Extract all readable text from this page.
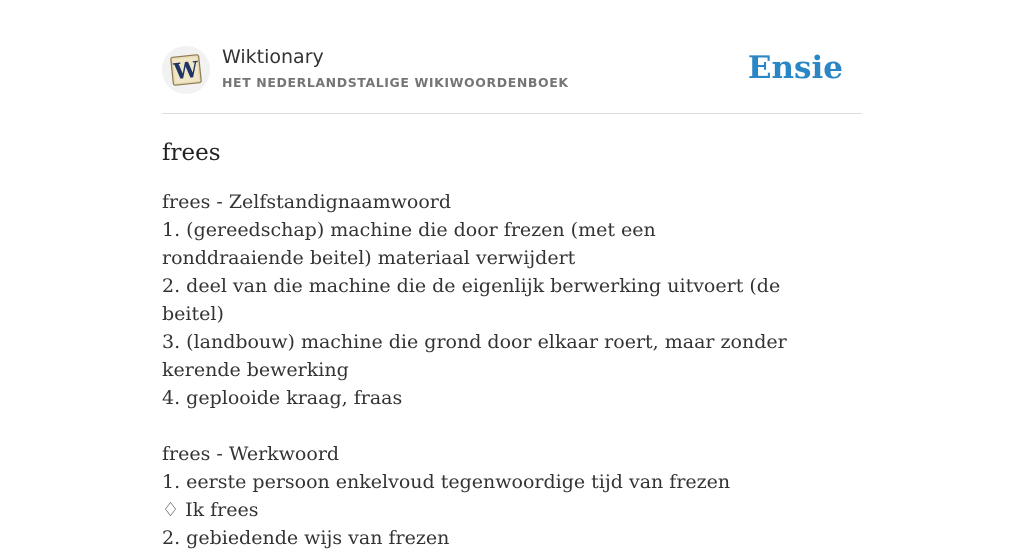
W Wiktionary
HET NEDERLANDSTALIGE WIKIWOORDENBOEK	Ensie
frees

frees - Zelfstandignaamwoord

1. (gereedschap) machine die door frezen (met een ronddraaiende beitel) materiaal verwijdert

2. deel van die machine die de eigenlijk berwerking uitvoert (de beitel)

3. (landbouw) machine die grond door elkaar roert, maar zonder kerende bewerking

4. geplooide kraag, fraas

frees - Werkwoord

1. eerste persoon enkelvoud tegenwoordige tijd van frezen

♢ Ik frees

2. gebiedende wijs van frezen
